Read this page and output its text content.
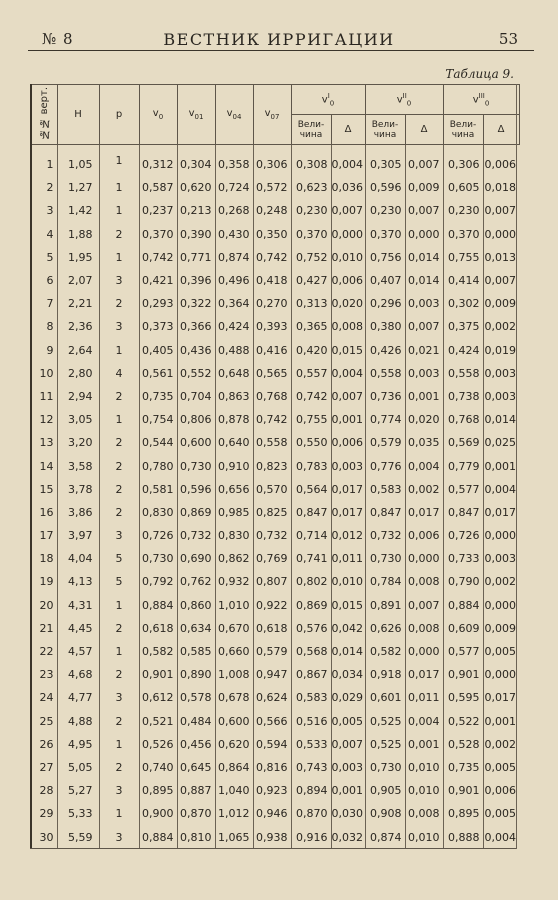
№ 8	ВЕСТНИК ИРРИГАЦИИ	53
Таблица 9.
№№ верт.	H	p	$v_0$	$v_{01}$	$v_{04}$	$v_{07}$	$v^I_0$		$v^{II}_0$		$v^{III}_0$
							Вели-чина	Δ	Вели-чина	Δ	Вели-чина	Δ
1	1,05	1	0,312	0,304	0,358	0,306	0,308	0,004	0,305	0,007	0,306	0,006
2	1,27	1	0,587	0,620	0,724	0,572	0,623	0,036	0,596	0,009	0,605	0,018
3	1,42	1	0,237	0,213	0,268	0,248	0,230	0,007	0,230	0,007	0,230	0,007
4	1,88	2	0,370	0,390	0,430	0,350	0,370	0,000	0,370	0,000	0,370	0,000
5	1,95	1	0,742	0,771	0,874	0,742	0,752	0,010	0,756	0,014	0,755	0,013
6	2,07	3	0,421	0,396	0,496	0,418	0,427	0,006	0,407	0,014	0,414	0,007
7	2,21	2	0,293	0,322	0,364	0,270	0,313	0,020	0,296	0,003	0,302	0,009
8	2,36	3	0,373	0,366	0,424	0,393	0,365	0,008	0,380	0,007	0,375	0,002
9	2,64	1	0,405	0,436	0,488	0,416	0,420	0,015	0,426	0,021	0,424	0,019
10	2,80	4	0,561	0,552	0,648	0,565	0,557	0,004	0,558	0,003	0,558	0,003
11	2,94	2	0,735	0,704	0,863	0,768	0,742	0,007	0,736	0,001	0,738	0,003
12	3,05	1	0,754	0,806	0,878	0,742	0,755	0,001	0,774	0,020	0,768	0,014
13	3,20	2	0,544	0,600	0,640	0,558	0,550	0,006	0,579	0,035	0,569	0,025
14	3,58	2	0,780	0,730	0,910	0,823	0,783	0,003	0,776	0,004	0,779	0,001
15	3,78	2	0,581	0,596	0,656	0,570	0,564	0,017	0,583	0,002	0,577	0,004
16	3,86	2	0,830	0,869	0,985	0,825	0,847	0,017	0,847	0,017	0,847	0,017
17	3,97	3	0,726	0,732	0,830	0,732	0,714	0,012	0,732	0,006	0,726	0,000
18	4,04	5	0,730	0,690	0,862	0,769	0,741	0,011	0,730	0,000	0,733	0,003
19	4,13	5	0,792	0,762	0,932	0,807	0,802	0,010	0,784	0,008	0,790	0,002
20	4,31	1	0,884	0,860	1,010	0,922	0,869	0,015	0,891	0,007	0,884	0,000
21	4,45	2	0,618	0,634	0,670	0,618	0,576	0,042	0,626	0,008	0,609	0,009
22	4,57	1	0,582	0,585	0,660	0,579	0,568	0,014	0,582	0,000	0,577	0,005
23	4,68	2	0,901	0,890	1,008	0,947	0,867	0,034	0,918	0,017	0,901	0,000
24	4,77	3	0,612	0,578	0,678	0,624	0,583	0,029	0,601	0,011	0,595	0,017
25	4,88	2	0,521	0,484	0,600	0,566	0,516	0,005	0,525	0,004	0,522	0,001
26	4,95	1	0,526	0,456	0,620	0,594	0,533	0,007	0,525	0,001	0,528	0,002
27	5,05	2	0,740	0,645	0,864	0,816	0,743	0,003	0,730	0,010	0,735	0,005
28	5,27	3	0,895	0,887	1,040	0,923	0,894	0,001	0,905	0,010	0,901	0,006
29	5,33	1	0,900	0,870	1,012	0,946	0,870	0,030	0,908	0,008	0,895	0,005
30	5,59	3	0,884	0,810	1,065	0,938	0,916	0,032	0,874	0,010	0,888	0,004
